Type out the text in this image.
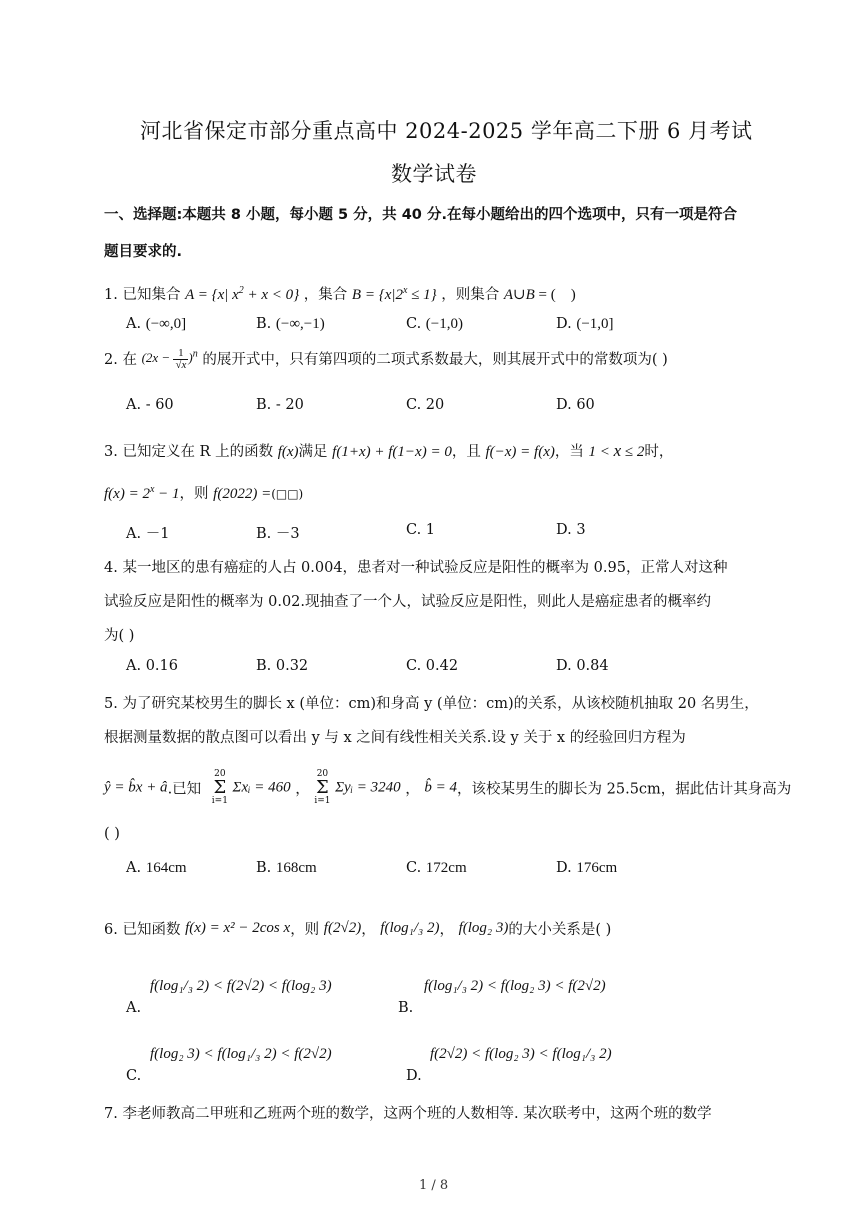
河北省保定市部分重点高中 2024-2025 学年高二下册 6 月考试
数学试卷
一、选择题:本题共 8 小题，每小题 5 分，共 40 分.在每小题给出的四个选项中，只有一项是符合
题目要求的.
1. 已知集合 A = {x| $x^2 + x < 0$} ，集合 $B = \{x|2^x \le 1\}$ ，则集合 A∪B = (    )
A. (−∞,0]	B. (−∞,−1)	C. (−1,0)	D. (−1,0]
2. 在 $(2x - \frac{1}{√x} )^n$ 的展开式中，只有第四项的二项式系数最大，则其展开式中的常数项为( )
A. - 60	B. - 20	C. 20	D. 60
3. 已知定义在 R 上的函数 f(x)满足 f(1+x) + f(1−x) = 0，且 f(−x) = f(x)，当 1 < x ≤ 2时，
$f(x) = 2^x - 1$，则 f(2022) =(□□)
A. －1	B. －3	C. 1	D. 3
4. 某一地区的患有癌症的人占 0.004，患者对一种试验反应是阳性的概率为 0.95，正常人对这种
试验反应是阳性的概率为 0.02.现抽查了一个人，试验反应是阳性，则此人是癌症患者的概率约
为( )
A. 0.16	B. 0.32	C. 0.42	D. 0.84
5. 为了研究某校男生的脚长 x (单位：cm)和身高 y (单位：cm)的关系，从该校随机抽取 20 名男生，
根据测量数据的散点图可以看出 y 与 x 之间有线性相关关系.设 y 关于 x 的经验回归方程为
ŷ = b̂x + â.已知 20
Σ
i=1 Σxᵢ = 460 ， 20
Σ
i=1 Σyᵢ = 3240 ， b̂ = 4，该校某男生的脚长为 25.5cm，据此估计其身高为
( )
A. 164cm	B. 168cm	C. 172cm	D. 176cm
6. 已知函数 f(x) = x² − 2cos x，则 f(2√2)， f(log₁/₃ 2)， f(log₂ 3)的大小关系是( )
f(log₁/₃ 2) < f(2√2) < f(log₂ 3)
A.
f(log₁/₃ 2) < f(log₂ 3) < f(2√2)
B.
f(log₂ 3) < f(log₁/₃ 2) < f(2√2)
C.
f(2√2) < f(log₂ 3) < f(log₁/₃ 2)
D.
7. 李老师教高二甲班和乙班两个班的数学，这两个班的人数相等. 某次联考中，这两个班的数学
1 / 8
